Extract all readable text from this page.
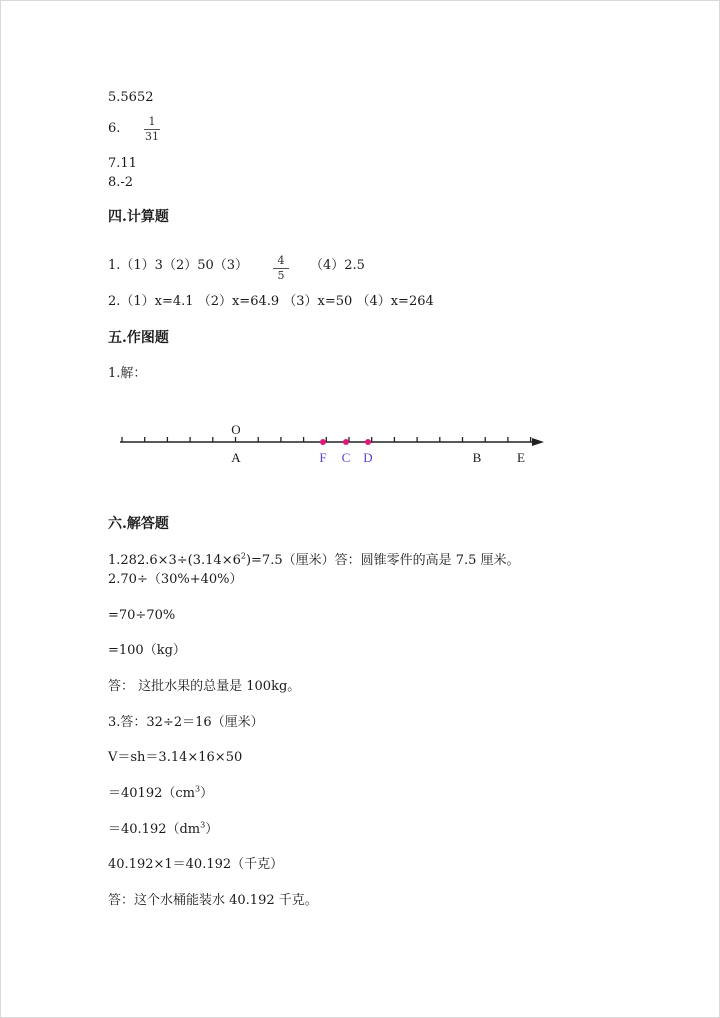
5.5652
6.	1
31
7.11
8.-2
四.计算题
1.（1）3（2）50（3）	4
5
（4）2.5
2.（1）x=4.1 （2）x=64.9 （3）x=50 （4）x=264
五.作图题
1.解：
O
A	F C D	B	E
六.解答题
$1.282.6\times 3\div(3.14\times 6^2)=7.5$（厘米）答：圆锥零件的高是 7.5 厘米。
2.70÷（30%+40%）
=70÷70%
=100（kg）
答： 这批水果的总量是 100kg。
3.答：32÷2＝16（厘米）
V＝sh＝3.14×16×50
$=40192(cm^3)$
$=40.192(dm^3)$
40.192×1＝40.192（千克）
答：这个水桶能装水 40.192 千克。
